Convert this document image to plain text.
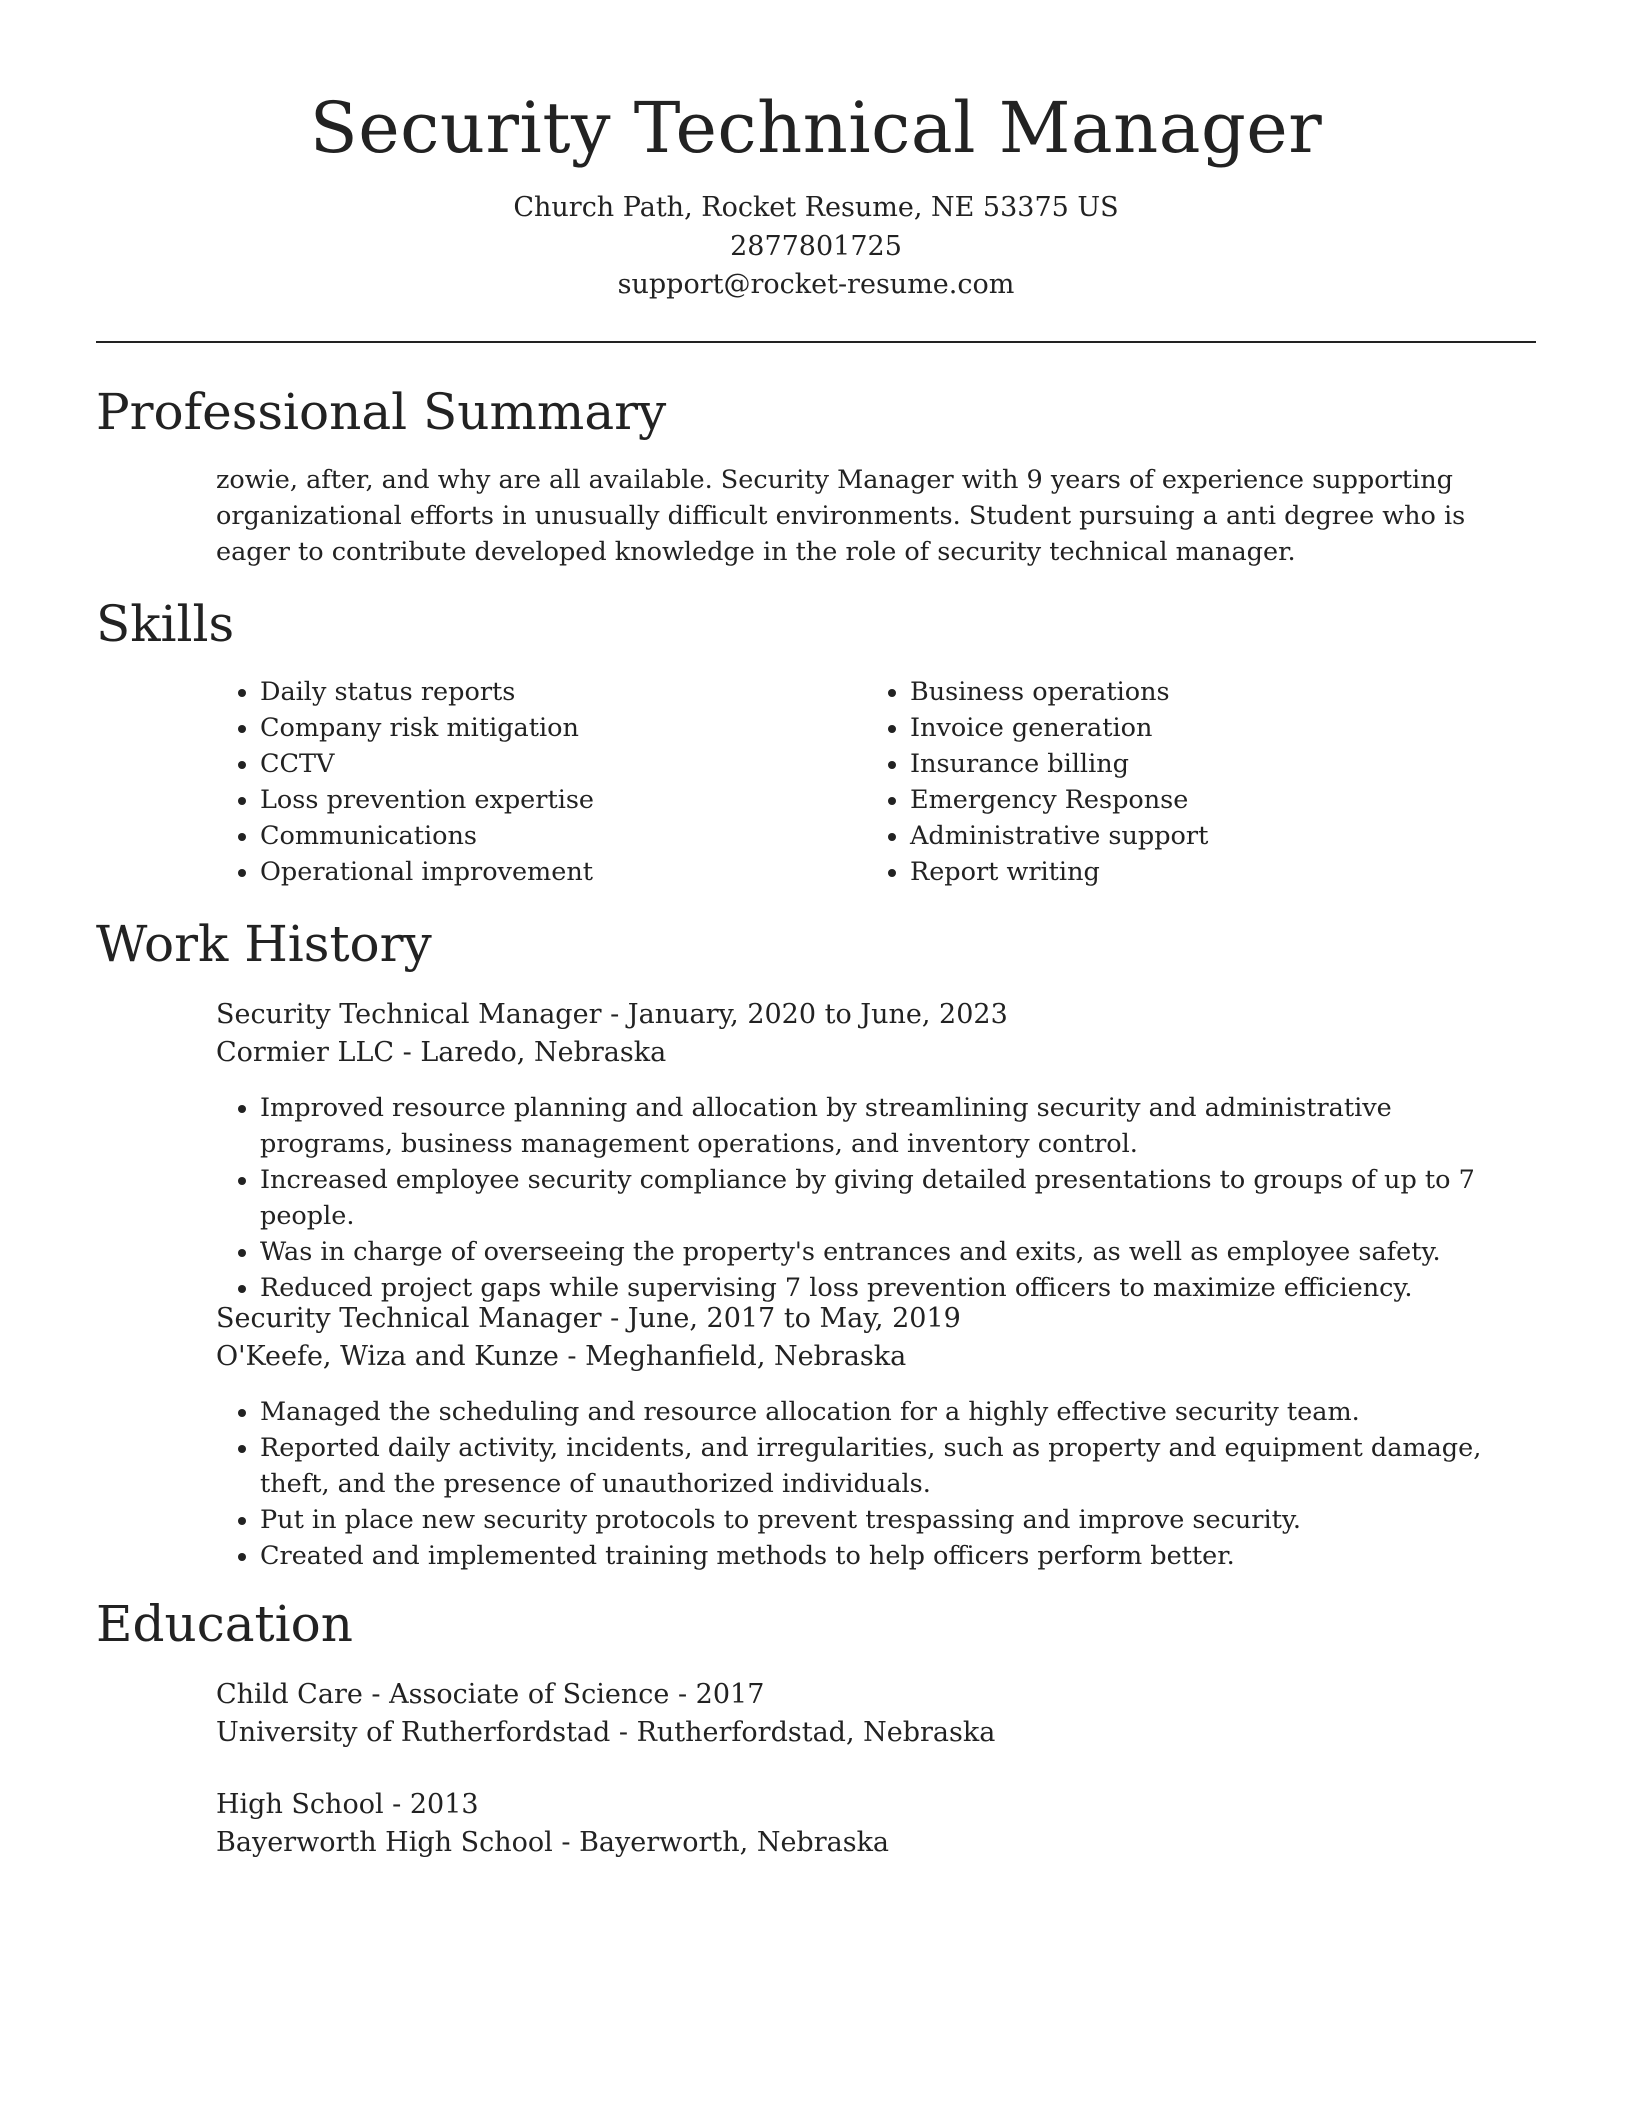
Security Technical Manager
Church Path, Rocket Resume, NE 53375 US
2877801725
support@rocket-resume.com
Professional Summary

zowie, after, and why are all available. Security Manager with 9 years of experience supporting organizational efforts in unusually difficult environments. Student pursuing a anti degree who is eager to contribute developed knowledge in the role of security technical manager.

Skills
• Daily status reports
• Company risk mitigation
• CCTV
• Loss prevention expertise
• Communications
• Operational improvement
• Business operations
• Invoice generation
• Insurance billing
• Emergency Response
• Administrative support
• Report writing
Work History
Security Technical Manager - January, 2020 to June, 2023
Cormier LLC - Laredo, Nebraska
• Improved resource planning and allocation by streamlining security and administrative programs, business management operations, and inventory control.
• Increased employee security compliance by giving detailed presentations to groups of up to 7 people.
• Was in charge of overseeing the property's entrances and exits, as well as employee safety.
• Reduced project gaps while supervising 7 loss prevention officers to maximize efficiency.
Security Technical Manager - June, 2017 to May, 2019
O'Keefe, Wiza and Kunze - Meghanfield, Nebraska
• Managed the scheduling and resource allocation for a highly effective security team.
• Reported daily activity, incidents, and irregularities, such as property and equipment damage, theft, and the presence of unauthorized individuals.
• Put in place new security protocols to prevent trespassing and improve security.
• Created and implemented training methods to help officers perform better.
Education
Child Care - Associate of Science - 2017
University of Rutherfordstad - Rutherfordstad, Nebraska
High School - 2013
Bayerworth High School - Bayerworth, Nebraska
